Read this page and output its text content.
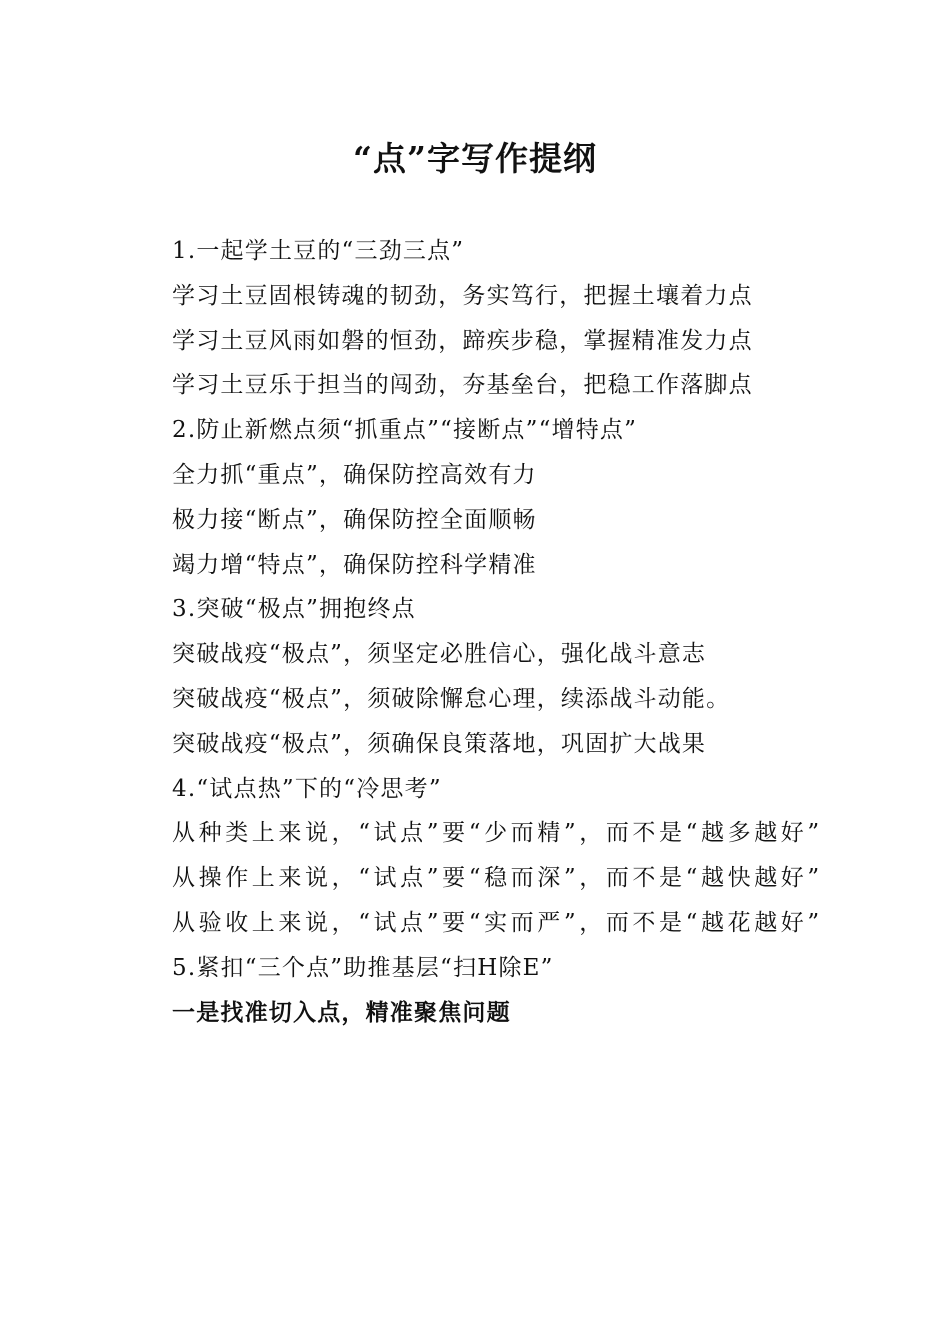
“点”字写作提纲
1.一起学土豆的“三劲三点”
学习土豆固根铸魂的韧劲，务实笃行，把握土壤着力点
学习土豆风雨如磐的恒劲，蹄疾步稳，掌握精准发力点
学习土豆乐于担当的闯劲，夯基垒台，把稳工作落脚点
2.防止新燃点须“抓重点”“接断点”“增特点”
全力抓“重点”，确保防控高效有力
极力接“断点”，确保防控全面顺畅
竭力增“特点”，确保防控科学精准
3.突破“极点”拥抱终点
突破战疫“极点”，须坚定必胜信心，强化战斗意志
突破战疫“极点”，须破除懈怠心理，续添战斗动能。
突破战疫“极点”，须确保良策落地，巩固扩大战果
4.“试点热”下的“冷思考”
从种类上来说，“试点”要“少而精”，而不是“越多越好”
从操作上来说，“试点”要“稳而深”，而不是“越快越好”
从验收上来说，“试点”要“实而严”，而不是“越花越好”
5.紧扣“三个点”助推基层“扫H除E”
一是找准切入点，精准聚焦问题
